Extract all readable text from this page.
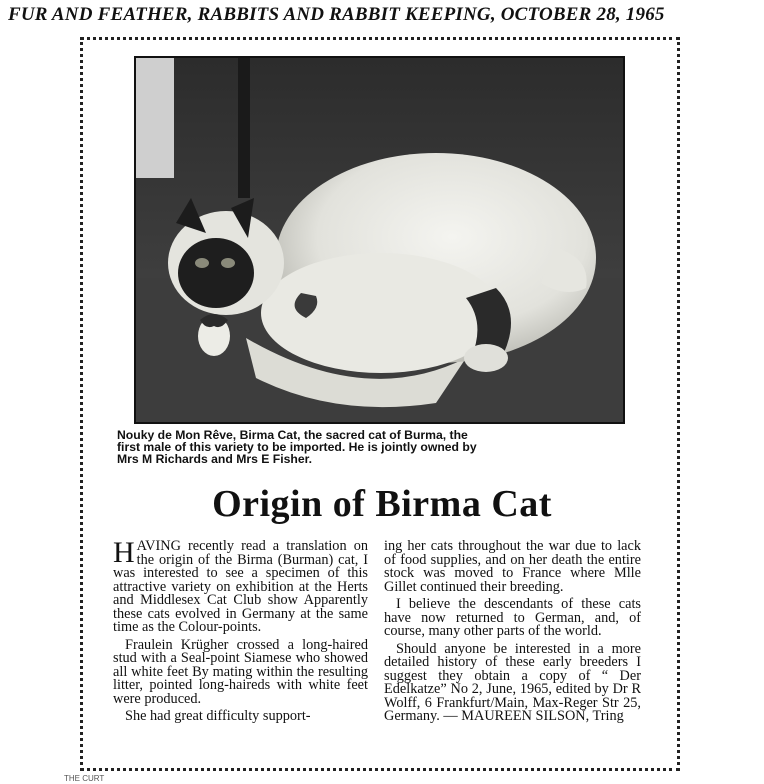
FUR AND FEATHER, RABBITS AND RABBIT KEEPING, OCTOBER 28, 1965
Nouky de Mon Rêve, Birma Cat, the sacred cat of Burma, the
first male of this variety to be imported. He is jointly owned by
Mrs M Richards and Mrs E Fisher.
Origin of Birma Cat

HAVING recently read a translation on the origin of the Birma (Burman) cat, I was interested to see a specimen of this attractive variety on exhibition at the Herts and Middlesex Cat Club show Apparently these cats evolved in Germany at the same time as the Colour-points.

Fraulein Krügher crossed a long-haired stud with a Seal-point Siamese who showed all white feet By mating within the resulting litter, pointed long-haireds with white feet were produced.

She had great difficulty support-

ing her cats throughout the war due to lack of food supplies, and on her death the entire stock was moved to France where Mlle Gillet continued their breeding.

I believe the descendants of these cats have now returned to German, and, of course, many other parts of the world.

Should anyone be interested in a more detailed history of these early breeders I suggest they obtain a copy of “ Der Edelkatze” No 2, June, 1965, edited by Dr R Wolff, 6 Frankfurt/Main, Max-Reger Str 25, Germany. — MAUREEN SILSON, Tring

THE CURT
